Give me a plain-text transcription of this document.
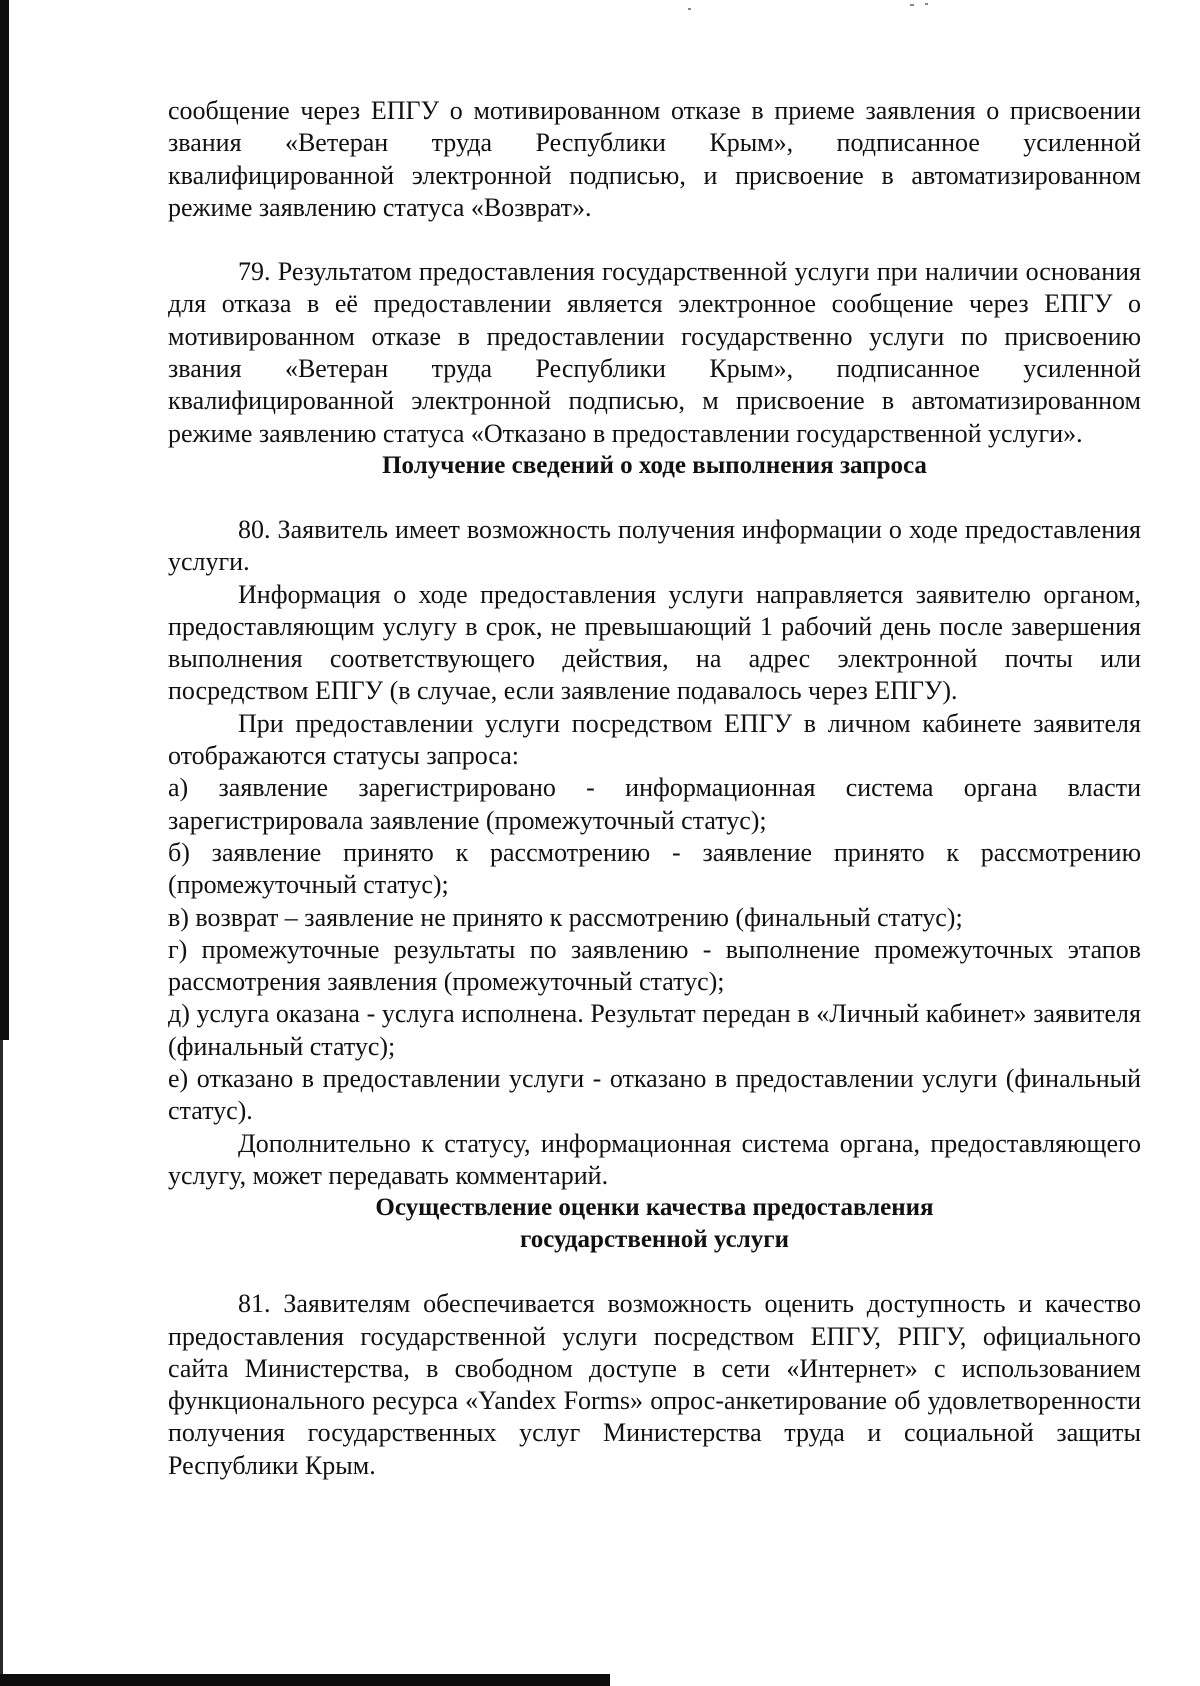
сообщение через ЕПГУ о мотивированном отказе в приеме заявления о присвоении звания «Ветеран труда Республики Крым», подписанное усиленной квалифицированной электронной подписью, и присвоение в автоматизированном режиме заявлению статуса «Возврат».

79. Результатом предоставления государственной услуги при наличии основания для отказа в её предоставлении является электронное сообщение через ЕПГУ о мотивированном отказе в предоставлении государственно услуги по присвоению звания «Ветеран труда Республики Крым», подписанное усиленной квалифицированной электронной подписью, м присвоение в автоматизированном режиме заявлению статуса «Отказано в предоставлении государственной услуги».

Получение сведений о ходе выполнения запроса

80. Заявитель имеет возможность получения информации о ходе предоставления услуги.

Информация о ходе предоставления услуги направляется заявителю органом, предоставляющим услугу в срок, не превышающий 1 рабочий день после завершения выполнения соответствующего действия, на адрес электронной почты или посредством ЕПГУ (в случае, если заявление подавалось через ЕПГУ).

При предоставлении услуги посредством ЕПГУ в личном кабинете заявителя отображаются статусы запроса:

а) заявление зарегистрировано - информационная система органа власти зарегистрировала заявление (промежуточный статус);
б) заявление принято к рассмотрению - заявление принято к рассмотрению (промежуточный статус);
в) возврат – заявление не принято к рассмотрению (финальный статус);
г) промежуточные результаты по заявлению - выполнение промежуточных этапов рассмотрения заявления (промежуточный статус);
д) услуга оказана - услуга исполнена. Результат передан в «Личный кабинет» заявителя (финальный статус);
е) отказано в предоставлении услуги - отказано в предоставлении услуги (финальный статус).

Дополнительно к статусу, информационная система органа, предоставляющего услугу, может передавать комментарий.

Осуществление оценки качества предоставления
государственной услуги

81. Заявителям обеспечивается возможность оценить доступность и качество предоставления государственной услуги посредством ЕПГУ, РПГУ, официального сайта Министерства, в свободном доступе в сети «Интернет» с использованием функционального ресурса «Yandex Forms» опрос-анкетирование об удовлетворенности получения государственных услуг Министерства труда и социальной защиты Республики Крым.
